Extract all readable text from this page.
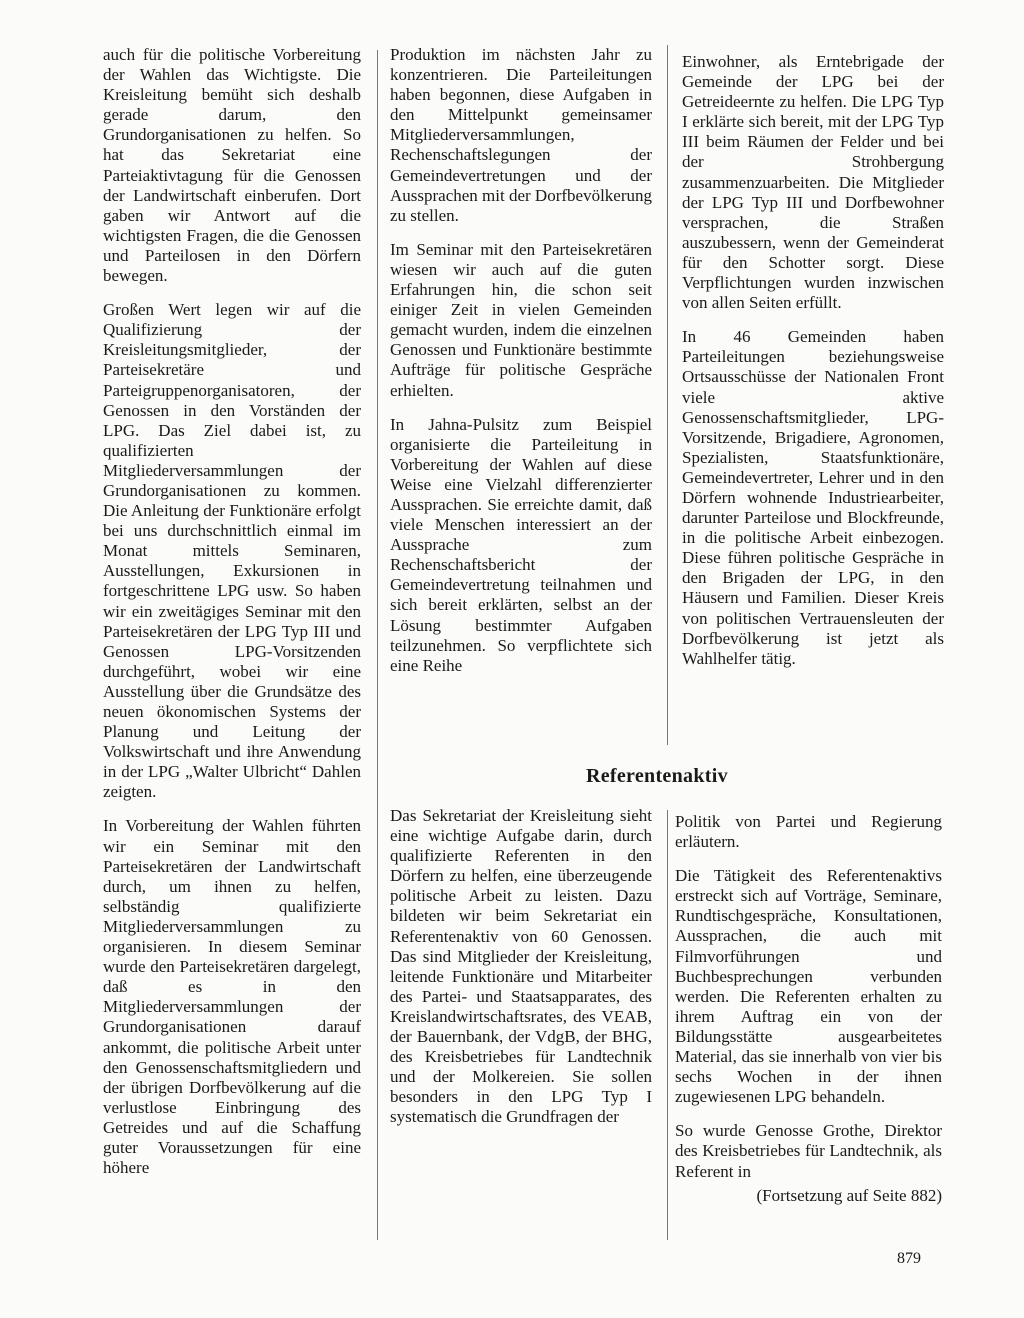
auch für die politische Vorbereitung der Wahlen das Wichtigste. Die Kreisleitung bemüht sich deshalb gerade darum, den Grundorganisationen zu helfen. So hat das Sekretariat eine Parteiaktivtagung für die Genossen der Landwirtschaft einberufen. Dort gaben wir Antwort auf die wichtigsten Fragen, die die Genossen und Parteilosen in den Dörfern bewegen.

Großen Wert legen wir auf die Qualifizierung der Kreisleitungsmitglieder, der Parteisekretäre und Parteigruppenorganisatoren, der Genossen in den Vorständen der LPG. Das Ziel dabei ist, zu qualifizierten Mitgliederversammlungen der Grundorganisationen zu kommen. Die Anleitung der Funktionäre erfolgt bei uns durchschnittlich einmal im Monat mittels Seminaren, Ausstellungen, Exkursionen in fortgeschrittene LPG usw. So haben wir ein zweitägiges Seminar mit den Parteisekretären der LPG Typ III und Genossen LPG-Vorsitzenden durchgeführt, wobei wir eine Ausstellung über die Grundsätze des neuen ökonomischen Systems der Planung und Leitung der Volkswirtschaft und ihre Anwendung in der LPG „Walter Ulbricht“ Dahlen zeigten.

In Vorbereitung der Wahlen führten wir ein Seminar mit den Parteisekretären der Landwirtschaft durch, um ihnen zu helfen, selbständig qualifizierte Mitgliederversammlungen zu organisieren. In diesem Seminar wurde den Parteisekretären dargelegt, daß es in den Mitgliederversammlungen der Grundorganisationen darauf ankommt, die politische Arbeit unter den Genossenschaftsmitgliedern und der übrigen Dorfbevölkerung auf die verlustlose Einbringung des Getreides und auf die Schaffung guter Voraussetzungen für eine höhere

Produktion im nächsten Jahr zu konzentrieren. Die Parteileitungen haben begonnen, diese Aufgaben in den Mittelpunkt gemeinsamer Mitgliederversammlungen, Rechenschaftslegungen der Gemeindevertretungen und der Aussprachen mit der Dorfbevölkerung zu stellen.

Im Seminar mit den Parteisekretären wiesen wir auch auf die guten Erfahrungen hin, die schon seit einiger Zeit in vielen Gemeinden gemacht wurden, indem die einzelnen Genossen und Funktionäre bestimmte Aufträge für politische Gespräche erhielten.

In Jahna-Pulsitz zum Beispiel organisierte die Parteileitung in Vorbereitung der Wahlen auf diese Weise eine Vielzahl differenzierter Aussprachen. Sie erreichte damit, daß viele Menschen interessiert an der Aussprache zum Rechenschaftsbericht der Gemeindevertretung teilnahmen und sich bereit erklärten, selbst an der Lösung bestimmter Aufgaben teilzunehmen. So verpflichtete sich eine Reihe

Einwohner, als Erntebrigade der Gemeinde der LPG bei der Getreideernte zu helfen. Die LPG Typ I erklärte sich bereit, mit der LPG Typ III beim Räumen der Felder und bei der Strohbergung zusammenzuarbeiten. Die Mitglieder der LPG Typ III und Dorfbewohner versprachen, die Straßen auszubessern, wenn der Gemeinderat für den Schotter sorgt. Diese Verpflichtungen wurden inzwischen von allen Seiten erfüllt.

In 46 Gemeinden haben Parteileitungen beziehungsweise Ortsausschüsse der Nationalen Front viele aktive Genossenschaftsmitglieder, LPG-Vorsitzende, Brigadiere, Agronomen, Spezialisten, Staatsfunktionäre, Gemeindevertreter, Lehrer und in den Dörfern wohnende Industriearbeiter, darunter Parteilose und Blockfreunde, in die politische Arbeit einbezogen. Diese führen politische Gespräche in den Brigaden der LPG, in den Häusern und Familien. Dieser Kreis von politischen Vertrauensleuten der Dorfbevölkerung ist jetzt als Wahlhelfer tätig.

Referentenaktiv

Das Sekretariat der Kreisleitung sieht eine wichtige Aufgabe darin, durch qualifizierte Referenten in den Dörfern zu helfen, eine überzeugende politische Arbeit zu leisten. Dazu bildeten wir beim Sekretariat ein Referentenaktiv von 60 Genossen. Das sind Mitglieder der Kreisleitung, leitende Funktionäre und Mitarbeiter des Partei- und Staatsapparates, des Kreislandwirtschaftsrates, des VEAB, der Bauernbank, der VdgB, der BHG, des Kreisbetriebes für Landtechnik und der Molkereien. Sie sollen besonders in den LPG Typ I systematisch die Grundfragen der

Politik von Partei und Regierung erläutern.

Die Tätigkeit des Referentenaktivs erstreckt sich auf Vorträge, Seminare, Rundtischgespräche, Konsultationen, Aussprachen, die auch mit Filmvorführungen und Buchbesprechungen verbunden werden. Die Referenten erhalten zu ihrem Auftrag ein von der Bildungsstätte ausgearbeitetes Material, das sie innerhalb von vier bis sechs Wochen in der ihnen zugewiesenen LPG behandeln.

So wurde Genosse Grothe, Direktor des Kreisbetriebes für Landtechnik, als Referent in

(Fortsetzung auf Seite 882)
879
